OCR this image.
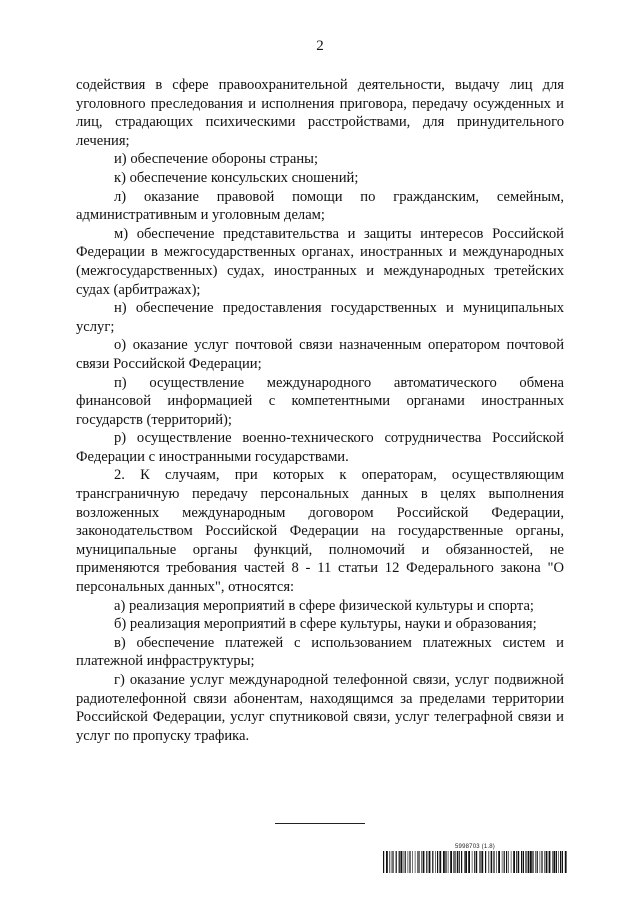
2

содействия в сфере правоохранительной деятельности, выдачу лиц для уголовного преследования и исполнения приговора, передачу осужденных и лиц, страдающих психическими расстройствами, для принудительного лечения;

и) обеспечение обороны страны;

к) обеспечение консульских сношений;

л) оказание правовой помощи по гражданским, семейным, административным и уголовным делам;

м) обеспечение представительства и защиты интересов Российской Федерации в межгосударственных органах, иностранных и международных (межгосударственных) судах, иностранных и международных третейских судах (арбитражах);

н) обеспечение предоставления государственных и муниципальных услуг;

о) оказание услуг почтовой связи назначенным оператором почтовой связи Российской Федерации;

п) осуществление международного автоматического обмена финансовой информацией с компетентными органами иностранных государств (территорий);

р) осуществление военно-технического сотрудничества Российской Федерации с иностранными государствами.

2. К случаям, при которых к операторам, осуществляющим трансграничную передачу персональных данных в целях выполнения возложенных международным договором Российской Федерации, законодательством Российской Федерации на государственные органы, муниципальные органы функций, полномочий и обязанностей, не применяются требования частей 8 - 11 статьи 12 Федерального закона "О персональных данных", относятся:

а) реализация мероприятий в сфере физической культуры и спорта;

б) реализация мероприятий в сфере культуры, науки и образования;

в) обеспечение платежей с использованием платежных систем и платежной инфраструктуры;

г) оказание услуг международной телефонной связи, услуг подвижной радиотелефонной связи абонентам, находящимся за пределами территории Российской Федерации, услуг спутниковой связи, услуг телеграфной связи и услуг по пропуску трафика.

5998703 (1.8)
